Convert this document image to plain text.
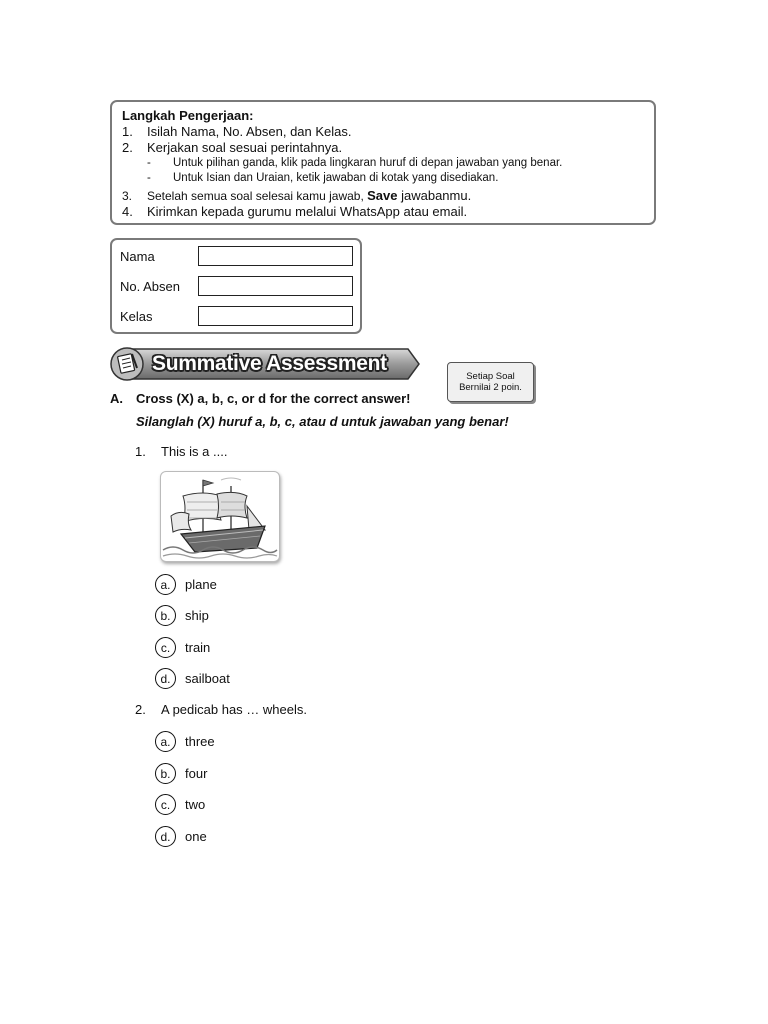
Langkah Pengerjaan:
1.	Isilah Nama, No. Absen, dan Kelas.
2.	Kerjakan soal sesuai perintahnya.
-	Untuk pilihan ganda, klik pada lingkaran huruf di depan jawaban yang benar.
-	Untuk Isian dan Uraian, ketik jawaban di kotak yang disediakan.
3.	Setelah semua soal selesai kamu jawab, Save jawabanmu.
4.	Kirimkan kepada gurumu melalui WhatsApp atau email.
Nama
No. Absen
Kelas
Summative Assessment
Setiap Soal
Bernilai 2 poin.
A. Cross (X) a, b, c, or d for the correct answer!
Silanglah (X) huruf a, b, c, atau d untuk jawaban yang benar!
1. This is a ....
a.	plane
b.	ship
c.	train
d.	sailboat
2. A pedicab has … wheels.
a.	three
b.	four
c.	two
d.	one
